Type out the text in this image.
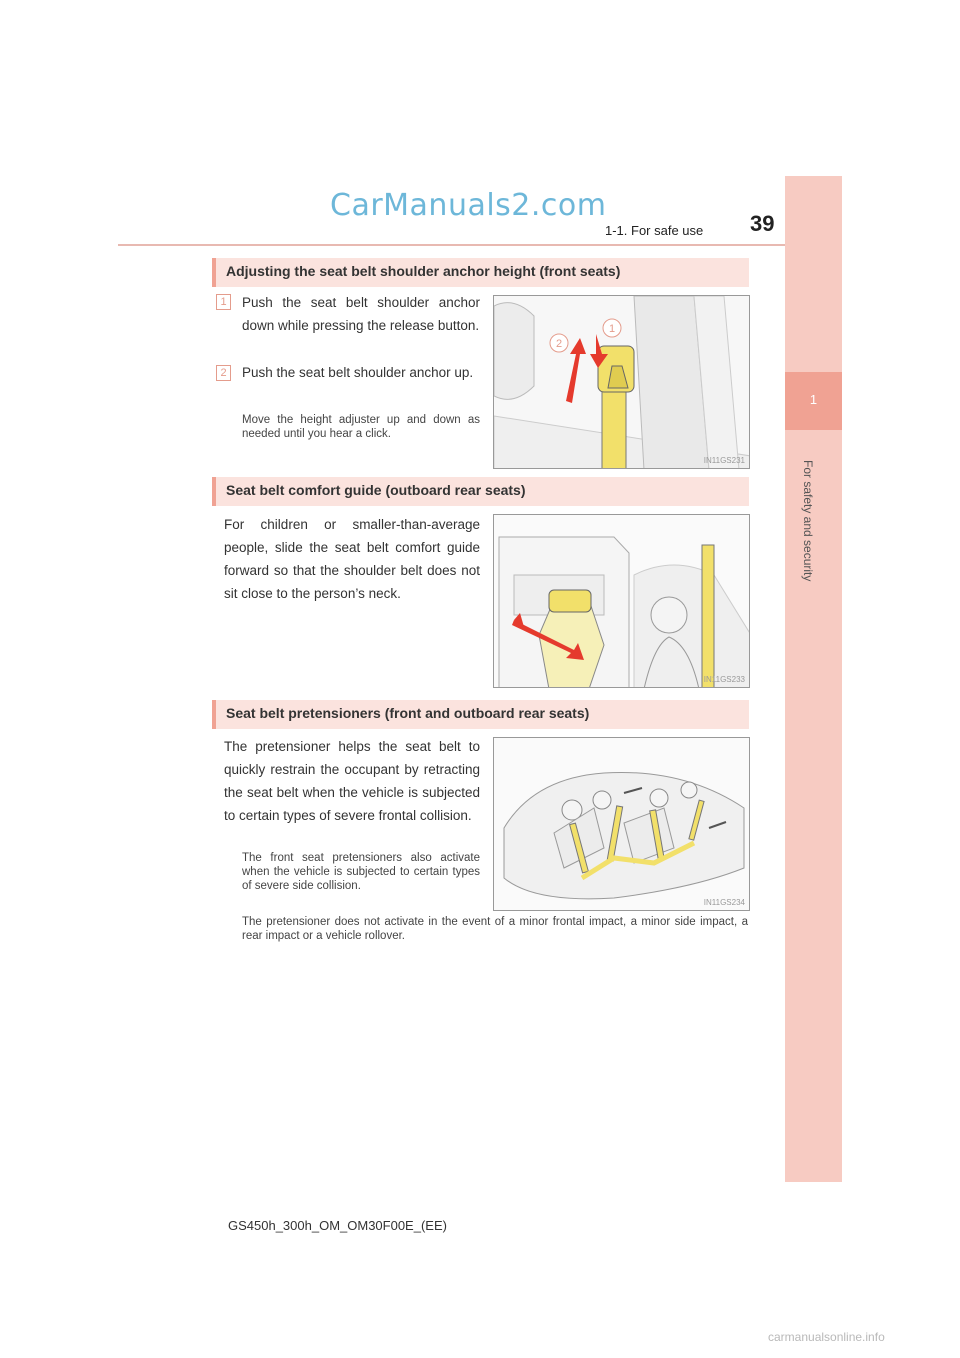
CarManuals2.com
1-1. For safe use 39
1
For safety and security
Adjusting the seat belt shoulder anchor height (front seats)
1	Push the seat belt shoulder anchor down while pressing the release button.
2	Push the seat belt shoulder anchor up.
Move the height adjuster up and down as needed until you hear a click.
2
1
IN11GS231
Seat belt comfort guide (outboard rear seats)
For children or smaller-than-average people, slide the seat belt comfort guide forward so that the shoulder belt does not sit close to the person’s neck.
IN11GS233
Seat belt pretensioners (front and outboard rear seats)
The pretensioner helps the seat belt to quickly restrain the occupant by retracting the seat belt when the vehicle is subjected to certain types of severe frontal collision.
The front seat pretensioners also activate when the vehicle is subjected to certain types of severe side collision.
IN11GS234
The pretensioner does not activate in the event of a minor frontal impact, a minor side impact, a rear impact or a vehicle rollover.
GS450h_300h_OM_OM30F00E_(EE)
carmanualsonline.info
